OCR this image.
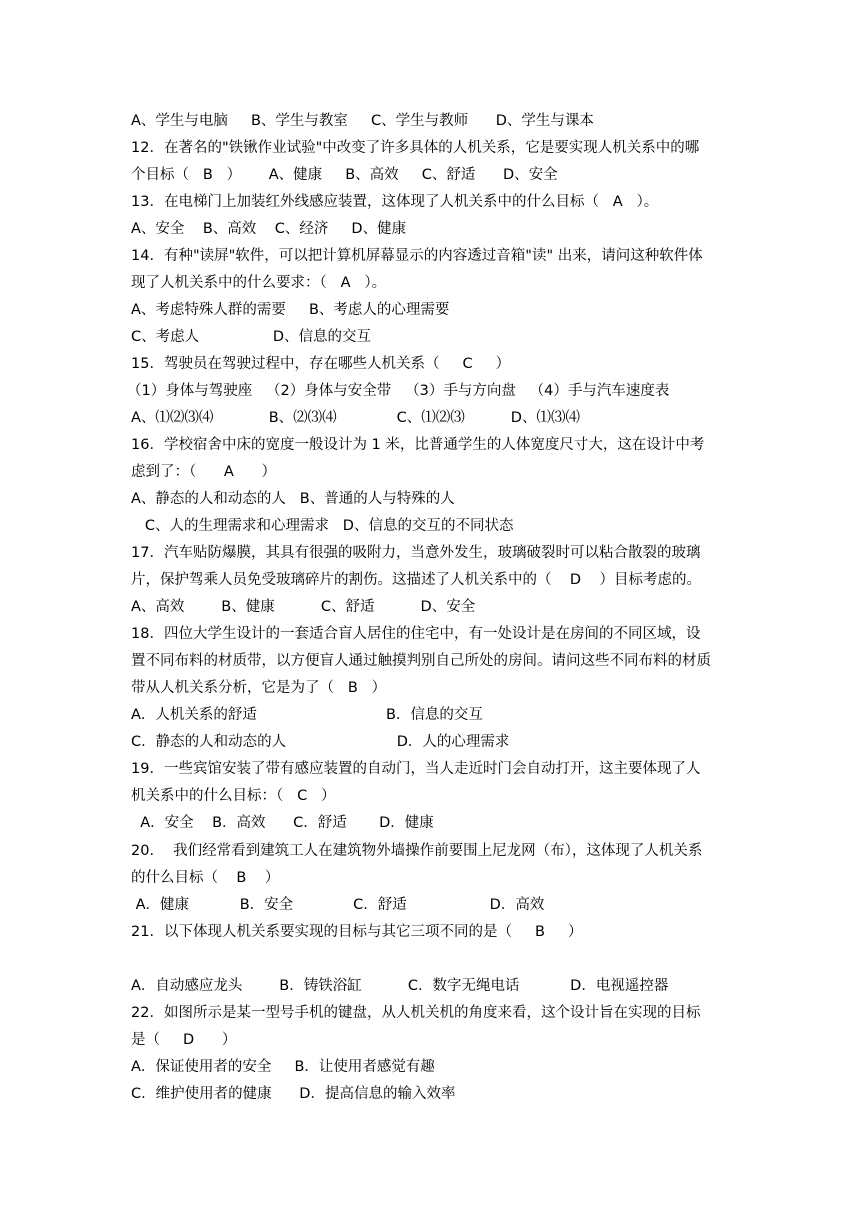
A、学生与电脑     B、学生与教室     C、学生与教师      D、学生与课本
12．在著名的"铁锹作业试验"中改变了许多具体的人机关系，它是要实现人机关系中的哪
个目标（   B   ）      A、健康     B、高效     C、舒适      D、安全
13．在电梯门上加装红外线感应装置，这体现了人机关系中的什么目标（   A   ）。
A、安全    B、高效    C、经济     D、健康
14．有种"读屏"软件，可以把计算机屏幕显示的内容透过音箱"读" 出来，请问这种软件体
现了人机关系中的什么要求：（   A   ）。
A、考虑特殊人群的需要     B、考虑人的心理需要
C、考虑人                D、信息的交互
15．驾驶员在驾驶过程中，存在哪些人机关系（     C     ）
（1）身体与驾驶座   （2）身体与安全带   （3）手与方向盘   （4）手与汽车速度表
A、⑴⑵⑶⑷            B、⑵⑶⑷             C、⑴⑵⑶          D、⑴⑶⑷
16．学校宿舍中床的宽度一般设计为 1 米，比普通学生的人体宽度尺寸大，这在设计中考
虑到了：（      A      ）
A、静态的人和动态的人   B、普通的人与特殊的人
C、人的生理需求和心理需求   D、信息的交互的不同状态
17．汽车贴防爆膜，其具有很强的吸附力，当意外发生，玻璃破裂时可以粘合散裂的玻璃
片，保护驾乘人员免受玻璃碎片的割伤。这描述了人机关系中的（    D    ）目标考虑的。
A、高效        B、健康          C、舒适          D、安全
18．四位大学生设计的一套适合盲人居住的住宅中，有一处设计是在房间的不同区域，设
置不同布料的材质带，以方便盲人通过触摸判别自己所处的房间。请问这些不同布料的材质
带从人机关系分析，它是为了（   B   ）
A．人机关系的舒适                            B．信息的交互
C．静态的人和动态的人                        D．人的心理需求
19．一些宾馆安装了带有感应装置的自动门，当人走近时门会自动打开，这主要体现了人
机关系中的什么目标：（   C   ）
A．安全    B．高效      C．舒适       D．健康
20．  我们经常看到建筑工人在建筑物外墙操作前要围上尼龙网（布），这体现了人机关系
的什么目标（    B    ）
A．健康           B．安全             C．舒适                  D．高效
21．以下体现人机关系要实现的目标与其它三项不同的是（     B     ）
A．自动感应龙头        B．铸铁浴缸          C．数字无绳电话           D．电视遥控器
22．如图所示是某一型号手机的键盘，从人机关机的角度来看，这个设计旨在实现的目标
是（     D      ）
A．保证使用者的安全     B．让使用者感觉有趣
C．维护使用者的健康      D．提高信息的输入效率
